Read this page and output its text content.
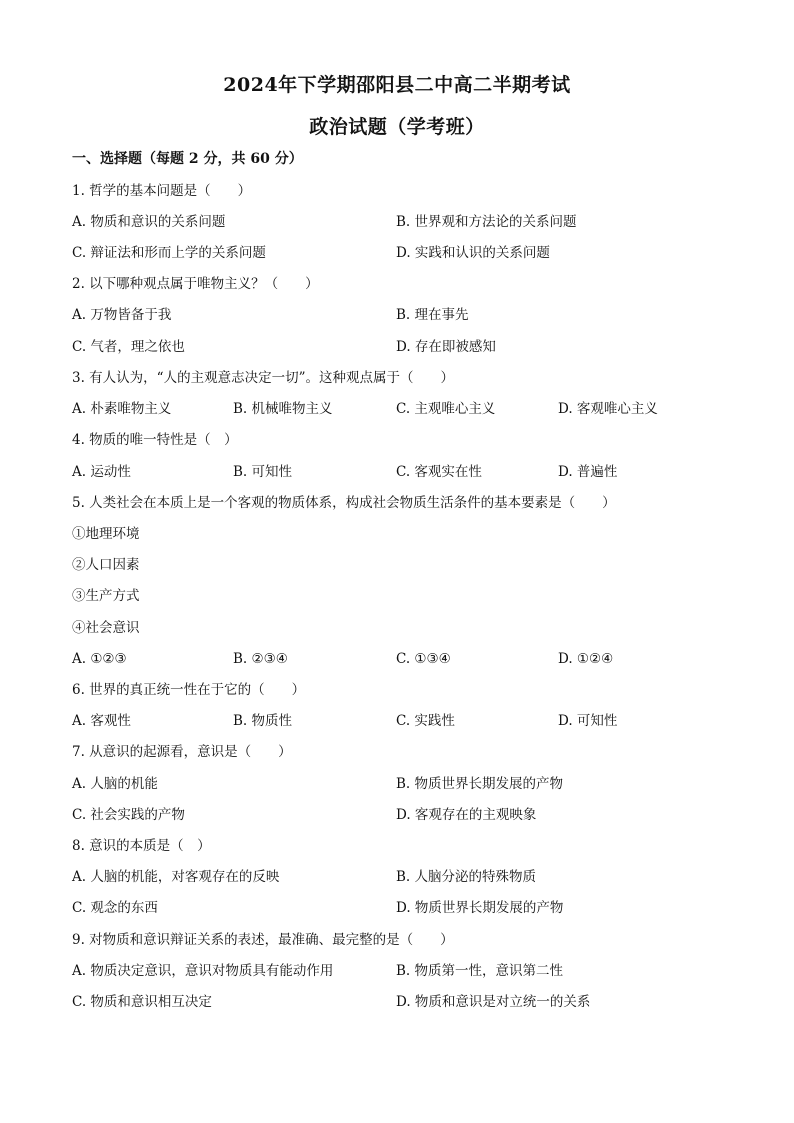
2024年下学期邵阳县二中高二半期考试
政治试题（学考班）
一、选择题（每题 2 分，共 60 分）
1. 哲学的基本问题是（　　）
A. 物质和意识的关系问题	B. 世界观和方法论的关系问题
C. 辩证法和形而上学的关系问题	D. 实践和认识的关系问题
2. 以下哪种观点属于唯物主义？（　　）
A. 万物皆备于我	B. 理在事先
C. 气者，理之依也	D. 存在即被感知
3. 有人认为，“人的主观意志决定一切”。这种观点属于（　　）
A. 朴素唯物主义	B. 机械唯物主义	C. 主观唯心主义	D. 客观唯心主义
4. 物质的唯一特性是（　）
A. 运动性	B. 可知性	C. 客观实在性	D. 普遍性
5. 人类社会在本质上是一个客观的物质体系，构成社会物质生活条件的基本要素是（　　）
①地理环境
②人口因素
③生产方式
④社会意识
A. ①②③	B. ②③④	C. ①③④	D. ①②④
6. 世界的真正统一性在于它的（　　）
A. 客观性	B. 物质性	C. 实践性	D. 可知性
7. 从意识的起源看，意识是（　　）
A. 人脑的机能	B. 物质世界长期发展的产物
C. 社会实践的产物	D. 客观存在的主观映象
8. 意识的本质是（　）
A. 人脑的机能，对客观存在的反映	B. 人脑分泌的特殊物质
C. 观念的东西	D. 物质世界长期发展的产物
9. 对物质和意识辩证关系的表述，最准确、最完整的是（　　）
A. 物质决定意识，意识对物质具有能动作用	B. 物质第一性，意识第二性
C. 物质和意识相互决定	D. 物质和意识是对立统一的关系
